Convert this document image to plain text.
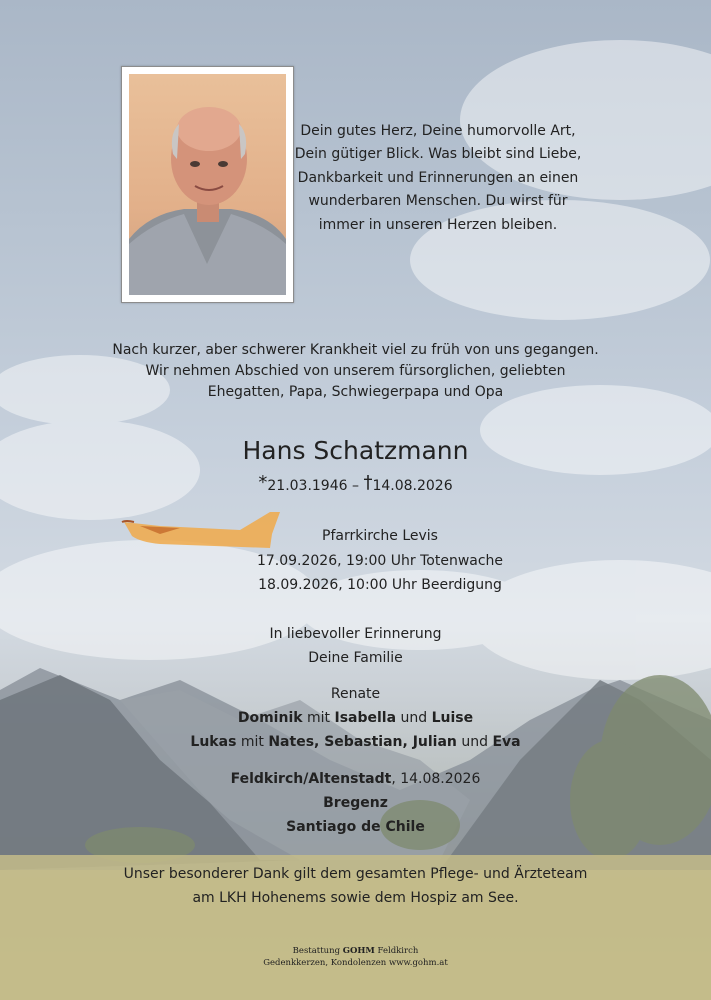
Dein gutes Herz, Deine humorvolle Art,
Dein gütiger Blick. Was bleibt sind Liebe,
Dankbarkeit und Erinnerungen an einen
wunderbaren Menschen. Du wirst für
immer in unseren Herzen bleiben.
Nach kurzer, aber schwerer Krankheit viel zu früh von uns gegangen.
Wir nehmen Abschied von unserem fürsorglichen, geliebten
Ehegatten, Papa, Schwiegerpapa und Opa
Hans Schatzmann
*21.03.1946 – †14.08.2026
Pfarrkirche Levis
17.09.2026, 19:00 Uhr Totenwache
18.09.2026, 10:00 Uhr Beerdigung
In liebevoller Erinnerung
Deine Familie
Renate
Dominik mit Isabella und Luise
Lukas mit Nates, Sebastian, Julian und Eva
Feldkirch/Altenstadt, 14.08.2026
Bregenz
Santiago de Chile
Unser besonderer Dank gilt dem gesamten Pflege- und Ärzteteam
am LKH Hohenems sowie dem Hospiz am See.
Bestattung GOHM Feldkirch
Gedenkkerzen, Kondolenzen www.gohm.at
